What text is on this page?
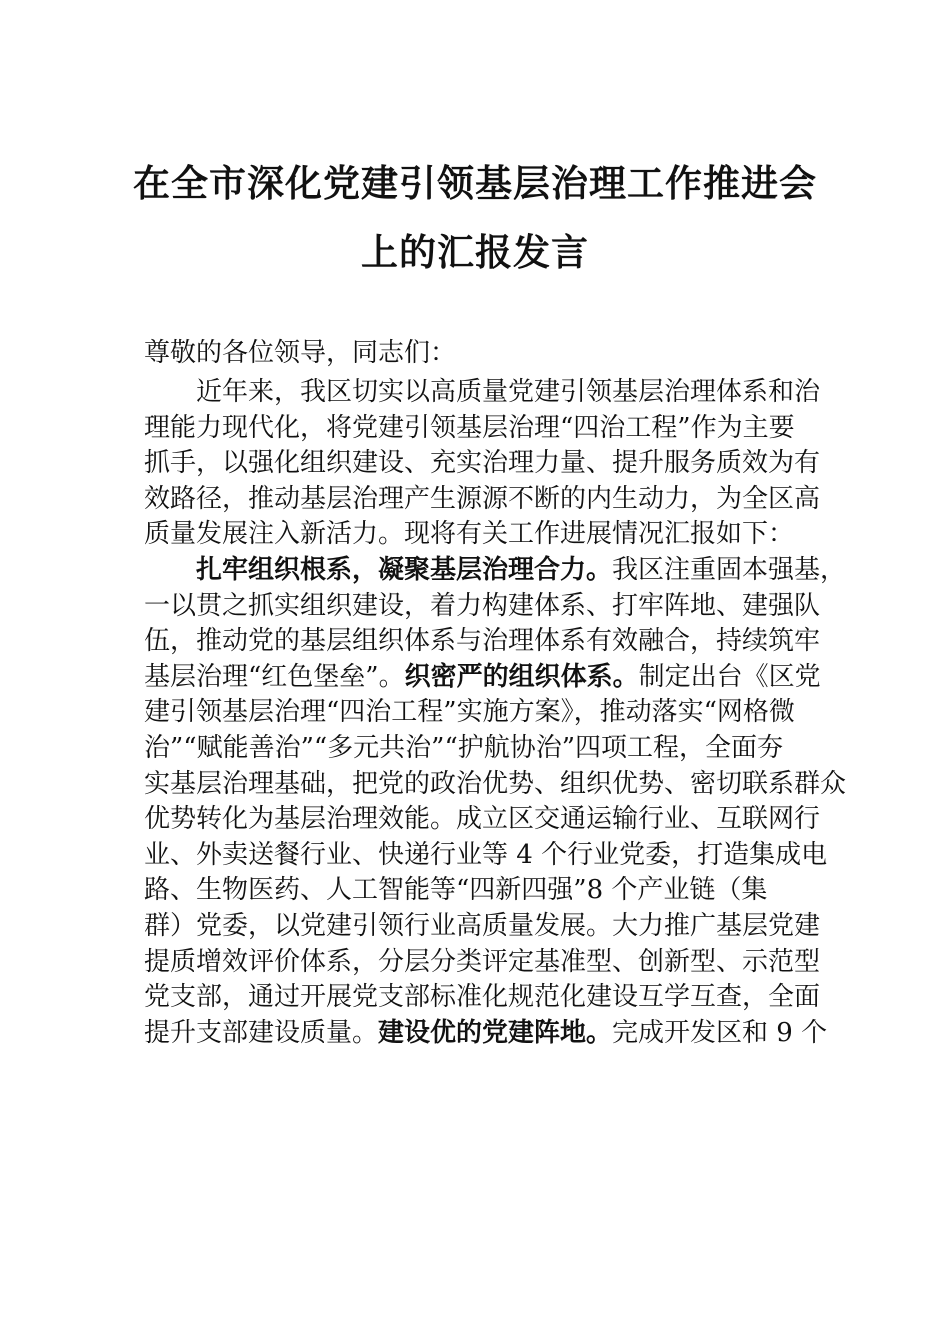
在全市深化党建引领基层治理工作推进会
上的汇报发言
尊敬的各位领导，同志们：
　　近年来，我区切实以高质量党建引领基层治理体系和治
理能力现代化，将党建引领基层治理“四治工程”作为主要
抓手，以强化组织建设、充实治理力量、提升服务质效为有
效路径，推动基层治理产生源源不断的内生动力，为全区高
质量发展注入新活力。现将有关工作进展情况汇报如下：
　　扎牢组织根系，凝聚基层治理合力。我区注重固本强基，
一以贯之抓实组织建设，着力构建体系、打牢阵地、建强队
伍，推动党的基层组织体系与治理体系有效融合，持续筑牢
基层治理“红色堡垒”。织密严的组织体系。制定出台《区党
建引领基层治理“四治工程”实施方案》，推动落实“网格微
治”“赋能善治”“多元共治”“护航协治”四项工程，全面夯
实基层治理基础，把党的政治优势、组织优势、密切联系群众
优势转化为基层治理效能。成立区交通运输行业、互联网行
业、外卖送餐行业、快递行业等 4 个行业党委，打造集成电
路、生物医药、人工智能等“四新四强”8 个产业链（集
群）党委，以党建引领行业高质量发展。大力推广基层党建
提质增效评价体系，分层分类评定基准型、创新型、示范型
党支部，通过开展党支部标准化规范化建设互学互查，全面
提升支部建设质量。建设优的党建阵地。完成开发区和 9 个
